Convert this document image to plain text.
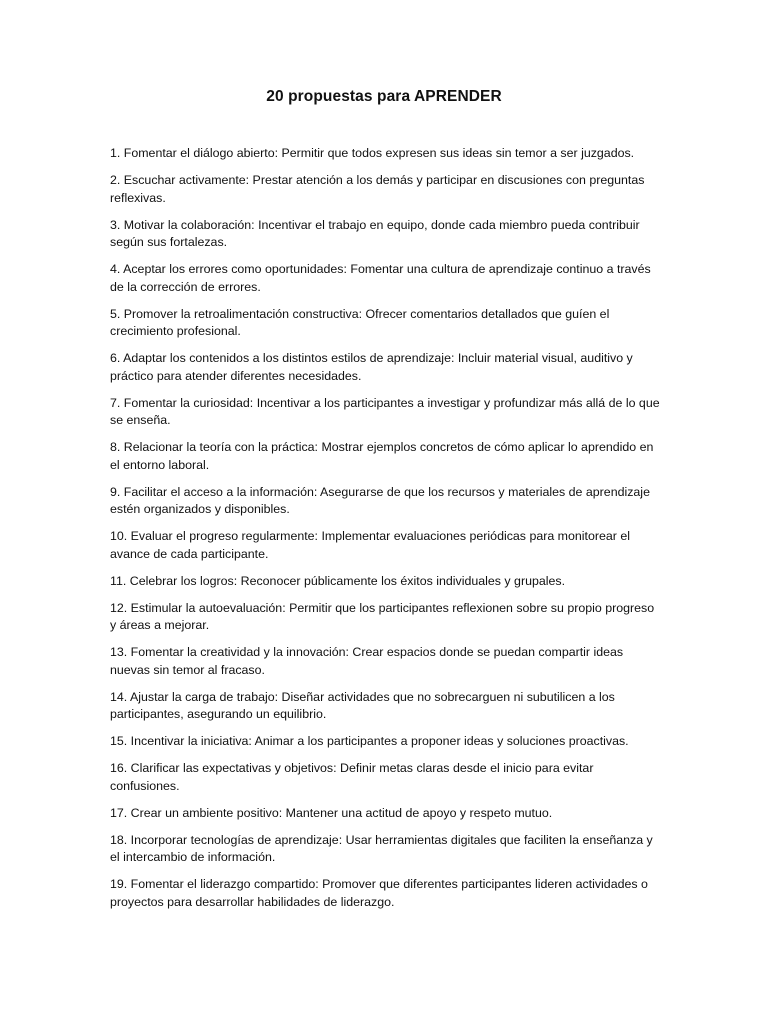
20 propuestas para APRENDER
1. Fomentar el diálogo abierto: Permitir que todos expresen sus ideas sin temor a ser juzgados.
2. Escuchar activamente: Prestar atención a los demás y participar en discusiones con preguntas reflexivas.
3. Motivar la colaboración: Incentivar el trabajo en equipo, donde cada miembro pueda contribuir según sus fortalezas.
4. Aceptar los errores como oportunidades: Fomentar una cultura de aprendizaje continuo a través de la corrección de errores.
5. Promover la retroalimentación constructiva: Ofrecer comentarios detallados que guíen el crecimiento profesional.
6. Adaptar los contenidos a los distintos estilos de aprendizaje: Incluir material visual, auditivo y práctico para atender diferentes necesidades.
7. Fomentar la curiosidad: Incentivar a los participantes a investigar y profundizar más allá de lo que se enseña.
8. Relacionar la teoría con la práctica: Mostrar ejemplos concretos de cómo aplicar lo aprendido en el entorno laboral.
9. Facilitar el acceso a la información: Asegurarse de que los recursos y materiales de aprendizaje estén organizados y disponibles.
10. Evaluar el progreso regularmente: Implementar evaluaciones periódicas para monitorear el avance de cada participante.
11. Celebrar los logros: Reconocer públicamente los éxitos individuales y grupales.
12. Estimular la autoevaluación: Permitir que los participantes reflexionen sobre su propio progreso y áreas a mejorar.
13. Fomentar la creatividad y la innovación: Crear espacios donde se puedan compartir ideas nuevas sin temor al fracaso.
14. Ajustar la carga de trabajo: Diseñar actividades que no sobrecarguen ni subutilicen a los participantes, asegurando un equilibrio.
15. Incentivar la iniciativa: Animar a los participantes a proponer ideas y soluciones proactivas.
16. Clarificar las expectativas y objetivos: Definir metas claras desde el inicio para evitar confusiones.
17. Crear un ambiente positivo: Mantener una actitud de apoyo y respeto mutuo.
18. Incorporar tecnologías de aprendizaje: Usar herramientas digitales que faciliten la enseñanza y el intercambio de información.
19. Fomentar el liderazgo compartido: Promover que diferentes participantes lideren actividades o proyectos para desarrollar habilidades de liderazgo.
